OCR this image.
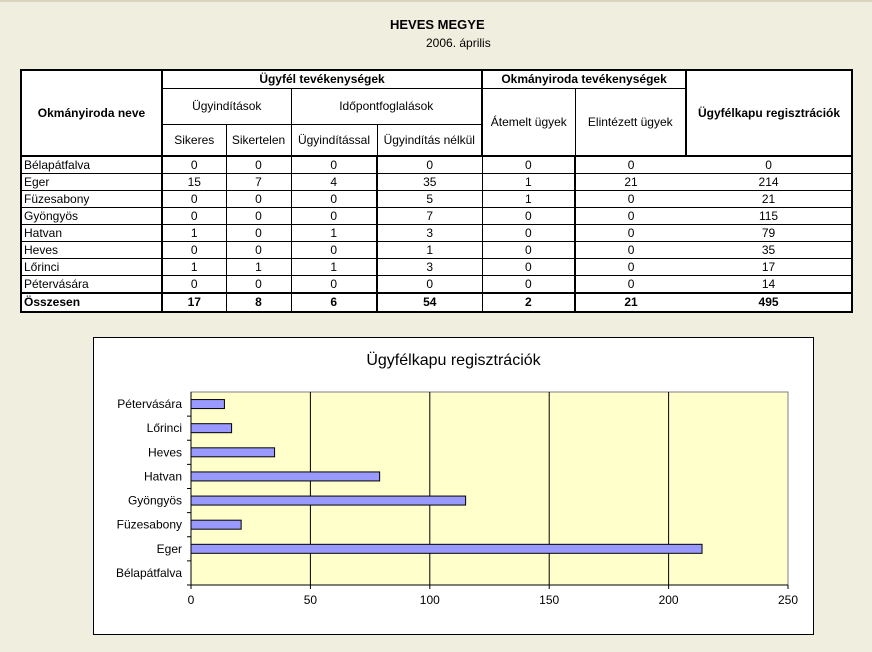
HEVES MEGYE
2006. április
Okmányiroda neve	Ügyfél tevékenységek				Okmányiroda tevékenységek		Ügyfélkapu regisztrációk
	Ügyindítások		Időpontfoglalások		Átemelt ügyek	Elintézett ügyek	
	Sikeres	Sikertelen	Ügyindítással	Ügyindítás nélkül			
Bélapátfalva	0	0	0	0	0	0	0
Eger	15	7	4	35	1	21	214
Füzesabony	0	0	0	5	1	0	21
Gyöngyös	0	0	0	7	0	0	115
Hatvan	1	0	1	3	0	0	79
Heves	0	0	0	1	0	0	35
Lőrinci	1	1	1	3	0	0	17
Pétervására	0	0	0	0	0	0	14
Összesen	17	8	6	54	2	21	495
Ügyfélkapu regisztrációk
0	50	100	150	200	250
Bélapátfalva
Eger
Füzesabony
Gyöngyös
Hatvan
Heves
Lőrinci
Pétervására
